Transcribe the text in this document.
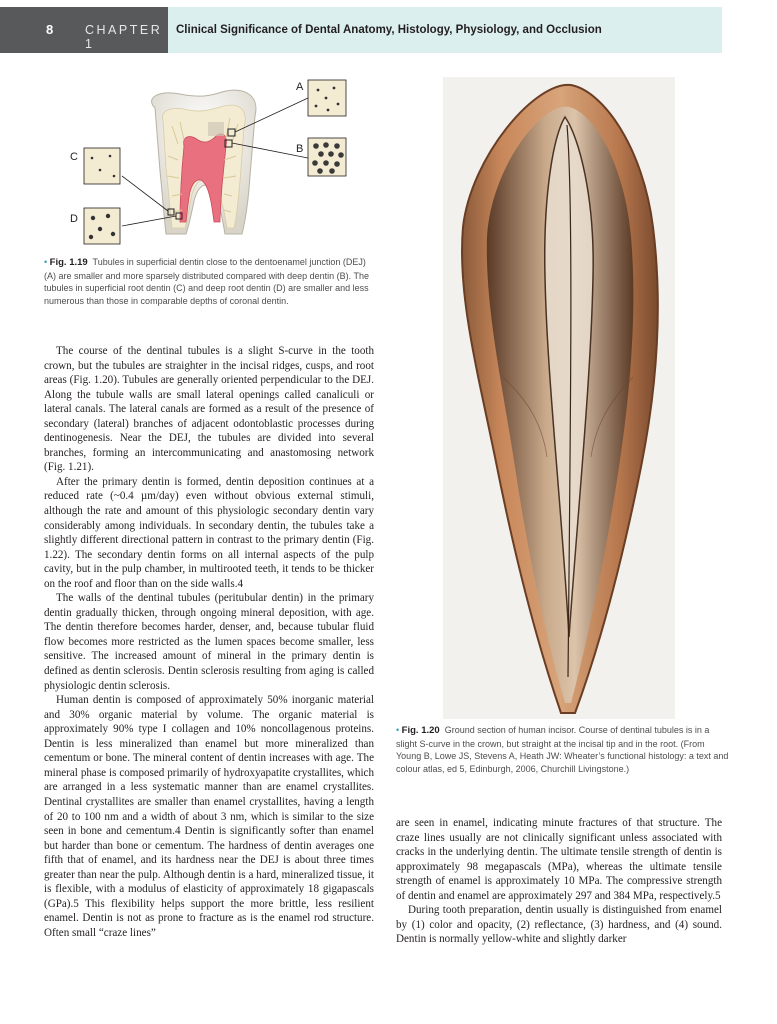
8	CHAPTER 1
Clinical Significance of Dental Anatomy, Histology, Physiology, and Occlusion
A
B
C
D
• Fig. 1.19 Tubules in superficial dentin close to the dentoenamel junction (DEJ) (A) are smaller and more sparsely distributed compared with deep dentin (B). The tubules in superficial root dentin (C) and deep root dentin (D) are smaller and less numerous than those in comparable depths of coronal dentin.
• Fig. 1.20 Ground section of human incisor. Course of dentinal tubules is in a slight S-curve in the crown, but straight at the incisal tip and in the root. (From Young B, Lowe JS, Stevens A, Heath JW: Wheater’s functional histology: a text and colour atlas, ed 5, Edinburgh, 2006, Churchill Livingstone.)

The course of the dentinal tubules is a slight S-curve in the tooth crown, but the tubules are straighter in the incisal ridges, cusps, and root areas (Fig. 1.20). Tubules are generally oriented perpendicular to the DEJ. Along the tubule walls are small lateral openings called canaliculi or lateral canals. The lateral canals are formed as a result of the presence of secondary (lateral) branches of adjacent odontoblastic processes during dentinogenesis. Near the DEJ, the tubules are divided into several branches, forming an intercommunicating and anastomosing network (Fig. 1.21).

After the primary dentin is formed, dentin deposition continues at a reduced rate (~0.4 µm/day) even without obvious external stimuli, although the rate and amount of this physiologic secondary dentin vary considerably among individuals. In secondary dentin, the tubules take a slightly different directional pattern in contrast to the primary dentin (Fig. 1.22). The secondary dentin forms on all internal aspects of the pulp cavity, but in the pulp chamber, in multirooted teeth, it tends to be thicker on the roof and floor than on the side walls.4

The walls of the dentinal tubules (peritubular dentin) in the primary dentin gradually thicken, through ongoing mineral deposition, with age. The dentin therefore becomes harder, denser, and, because tubular fluid flow becomes more restricted as the lumen spaces become smaller, less sensitive. The increased amount of mineral in the primary dentin is defined as dentin sclerosis. Dentin sclerosis resulting from aging is called physiologic dentin sclerosis.

Human dentin is composed of approximately 50% inorganic material and 30% organic material by volume. The organic material is approximately 90% type I collagen and 10% noncollagenous proteins. Dentin is less mineralized than enamel but more mineralized than cementum or bone. The mineral content of dentin increases with age. The mineral phase is composed primarily of hydroxyapatite crystallites, which are arranged in a less systematic manner than are enamel crystallites. Dentinal crystallites are smaller than enamel crystallites, having a length of 20 to 100 nm and a width of about 3 nm, which is similar to the size seen in bone and cementum.4 Dentin is significantly softer than enamel but harder than bone or cementum. The hardness of dentin averages one fifth that of enamel, and its hardness near the DEJ is about three times greater than near the pulp. Although dentin is a hard, mineralized tissue, it is flexible, with a modulus of elasticity of approximately 18 gigapascals (GPa).5 This flexibility helps support the more brittle, less resilient enamel. Dentin is not as prone to fracture as is the enamel rod structure. Often small “craze lines”

are seen in enamel, indicating minute fractures of that structure. The craze lines usually are not clinically significant unless associated with cracks in the underlying dentin. The ultimate tensile strength of dentin is approximately 98 megapascals (MPa), whereas the ultimate tensile strength of enamel is approximately 10 MPa. The compressive strength of dentin and enamel are approximately 297 and 384 MPa, respectively.5

During tooth preparation, dentin usually is distinguished from enamel by (1) color and opacity, (2) reflectance, (3) hardness, and (4) sound. Dentin is normally yellow-white and slightly darker
